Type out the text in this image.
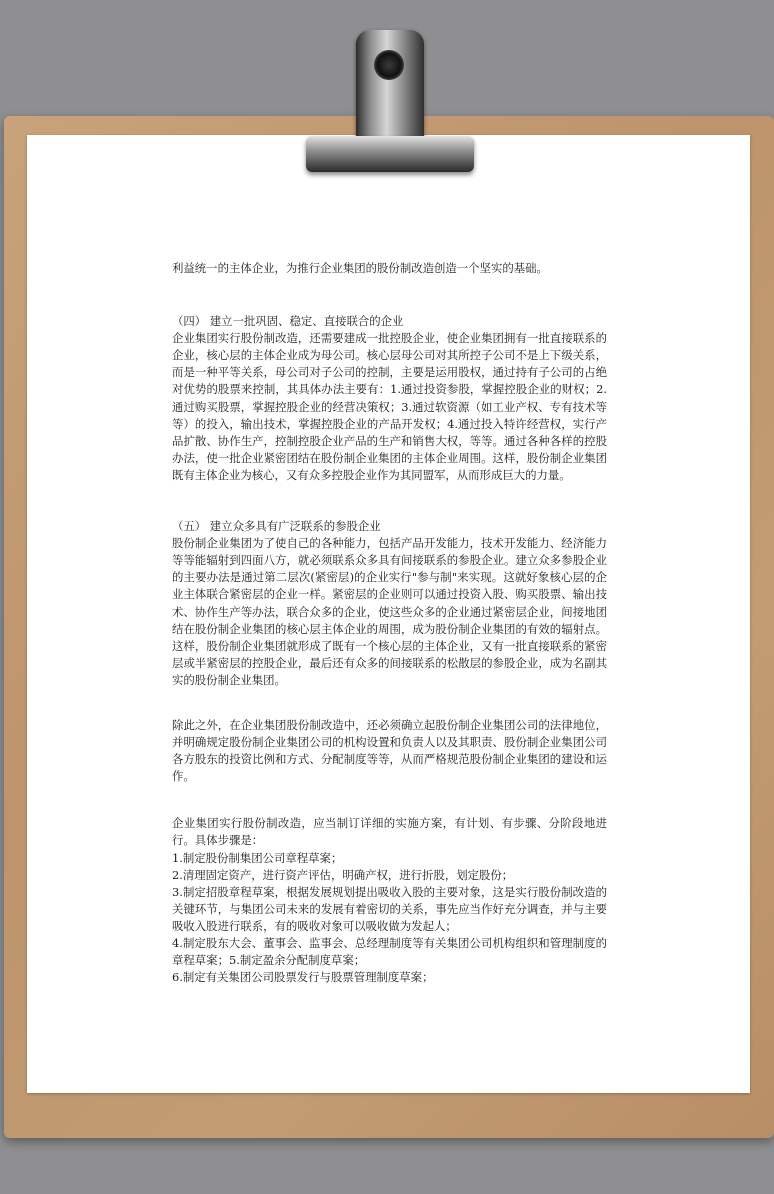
利益统一的主体企业，为推行企业集团的股份制改造创造一个坚实的基础。

（四） 建立一批巩固、稳定、直接联合的企业

企业集团实行股份制改造，还需要建成一批控股企业，使企业集团拥有一批直接联系的企业，核心层的主体企业成为母公司。核心层母公司对其所控子公司不是上下级关系，而是一种平等关系，母公司对子公司的控制，主要是运用股权，通过持有子公司的占绝对优势的股票来控制，其具体办法主要有：1.通过投资参股，掌握控股企业的财权；2.通过购买股票，掌握控股企业的经营决策权；3.通过软资源（如工业产权、专有技术等等）的投入，输出技术，掌握控股企业的产品开发权；4.通过投入特许经营权，实行产品扩散、协作生产，控制控股企业产品的生产和销售大权，等等。通过各种各样的控股办法，使一批企业紧密团结在股份制企业集团的主体企业周围。这样，股份制企业集团既有主体企业为核心，又有众多控股企业作为其同盟军，从而形成巨大的力量。

（五） 建立众多具有广泛联系的参股企业

股份制企业集团为了使自己的各种能力，包括产品开发能力，技术开发能力、经济能力等等能辐射到四面八方，就必须联系众多具有间接联系的参股企业。建立众多参股企业的主要办法是通过第二层次(紧密层)的企业实行"参与制"来实现。这就好象核心层的企业主体联合紧密层的企业一样。紧密层的企业则可以通过投资入股、购买股票、输出技术、协作生产等办法，联合众多的企业，使这些众多的企业通过紧密层企业，间接地团结在股份制企业集团的核心层主体企业的周围，成为股份制企业集团的有效的辐射点。这样，股份制企业集团就形成了既有一个核心层的主体企业，又有一批直接联系的紧密层或半紧密层的控股企业，最后还有众多的间接联系的松散层的参股企业，成为名副其实的股份制企业集团。

除此之外，在企业集团股份制改造中，还必须确立起股份制企业集团公司的法律地位，并明确规定股份制企业集团公司的机构设置和负责人以及其职责、股份制企业集团公司各方股东的投资比例和方式、分配制度等等，从而严格规范股份制企业集团的建设和运作。

企业集团实行股份制改造，应当制订详细的实施方案，有计划、有步骤、分阶段地进行。具体步骤是：

1.制定股份制集团公司章程草案；

2.清理固定资产，进行资产评估，明确产权，进行折股，划定股份；

3.制定招股章程草案，根据发展规划提出吸收入股的主要对象，这是实行股份制改造的关键环节，与集团公司未来的发展有着密切的关系，事先应当作好充分调查，并与主要吸收入股进行联系，有的吸收对象可以吸收做为发起人；

4.制定股东大会、董事会、监事会、总经理制度等有关集团公司机构组织和管理制度的章程草案；5.制定盈余分配制度草案；

6.制定有关集团公司股票发行与股票管理制度草案；
